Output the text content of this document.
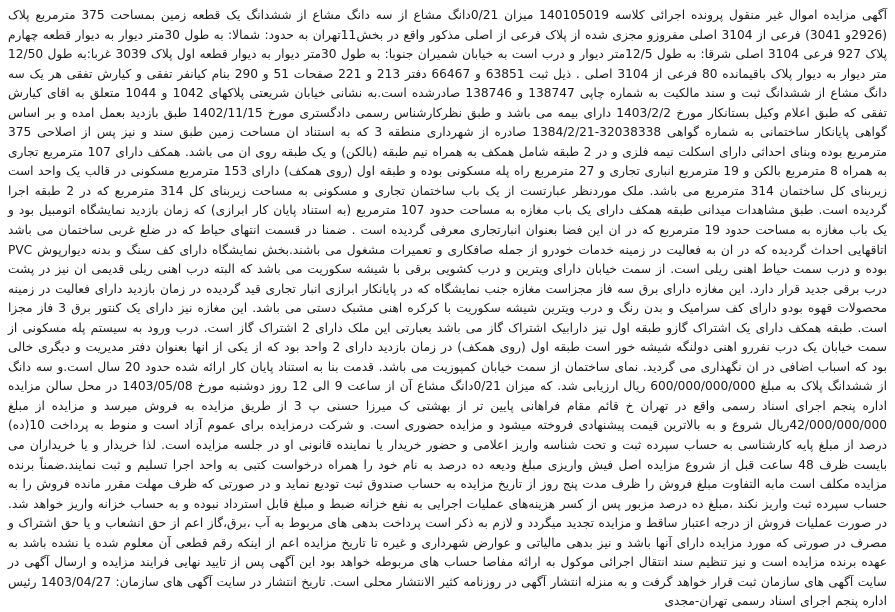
آگهی مزایده اموال غیر منقول پرونده اجرائی کلاسه 140105019 میزان 0/21دانگ مشاع از سه دانگ مشاع از ششدانگ یک قطعه زمین بمساحت 375 مترمربع پلاک (2926و 3041) فرعی از 3104 اصلی مفروزو مجزی شده از پلاک فرعی از اصلی مذکور واقع در بخش11تهران به حدود: شمالا: به طول 30متر دیوار به دیوار قطعه چهارم پلاک 927 فرعی 3104 اصلی شرقا: به طول 12/5متر دیوار و درب است به خیابان شمیران جنوبا: به طول 30متر دیوار به دیوار قطعه اول پلاک 3039 غربا:به طول 12/50 متر دیوار به دیوار پلاک باقیمانده 80 فرعی از 3104 اصلی . ذیل ثبت 63851 و 66467 دفتر 213 و 221 صفحات 51 و 290 بنام کیانفر تفقی و کیارش تفقی هر یک سه دانگ مشاع از ششدانگ ثبت و سند مالکیت به شماره چاپی 138747 و 138746 صادرشده است.به نشانی خیابان شریعتی پلاکهای 1042 و 1044 متعلق به اقای کیارش تفقی که طبق اعلام وکیل بستانکار مورخ 1403/2/2 دارای بیمه می باشد و طبق نظرکارشناس رسمی دادگستری مورخ 1402/11/15 طبق بازدید بعمل امده و بر اساس گواهی پایانکار ساختمانی به شماره گواهی 32038338-1384/2/21 صادره از شهرداری منطقه 3 که به استناد ان مساحت زمین طبق سند و نیز پس از اصلاحی 375 مترمربع بوده وبنای احداثی دارای اسکلت نیمه فلزی و در 2 طبقه شامل همکف به همراه نیم طبقه (بالکن) و یک طبقه روی ان می باشد. همکف دارای 107 مترمربع تجاری به همراه 8 مترمربع بالکن و 19 مترمربع انباری تجاری و 27 مترمربع راه پله مسکونی بوده و طبقه اول (روی همکف) دارای 153 مترمربع مسکونی در قالب یک واحد است زیربنای کل ساختمان 314 مترمربع می باشد. ملک موردنظر عبارتست از یک باب ساختمان تجاری و مسکونی به مساحت زیربنای کل 314 مترمربع که در 2 طبقه اجرا گردیده است. طبق مشاهدات میدانی طبقه همکف دارای یک باب مغازه به مساحت حدود 107 مترمربع (به استناد پایان کار ابرازی) که زمان بازدید نمایشگاه اتومبیل بود و یک باب مغازه به مساحت حدود 19 مترمربع که در ان این فضا بعنوان انبارتجاری معرفی گردیده است . ضمنا در قسمت انتهای حیاط که در ضلع غربی ساختمان می باشد اتاقهایی احداث گردیده که در ان به فعالیت در زمینه خدمات خودرو از جمله صافکاری و تعمیرات مشغول می باشند.بخش نمایشگاه دارای کف سنگ و بدنه دیوارپوش PVC بوده و درب سمت حیاط اهنی ریلی است. از سمت خیابان دارای ویترین و درب کشویی برقی با شیشه سکوریت می باشد که البته درب اهنی ریلی قدیمی ان نیز در پشت درب برقی جدید قرار دارد. این مغازه دارای برق سه فاز مجزاست مغازه جنب نمایشگاه که در پایانکار ابرازی انبار تجاری قید گردیده در زمان بازدید دارای فعالیت در زمینه محصولات قهوه بودو دارای کف سرامیک و بدن رنگ و درب ویترین شیشه سکوریت با کرکره اهنی مشبک دستی می باشد. این مغازه نیز دارای یک کنتور برق 3 فاز مجزا است. طبقه همکف دارای یک اشتراک گازو طبقه اول نیز دارابیک اشتراک گاز می باشد بعبارتی این ملک دارای 2 اشتراک گاز است. درب ورود به سیستم پله مسکونی از سمت خیابان یک درب نفررو اهنی دولنگه شیشه خور است طبقه اول (روی همکف) در زمان بازدید دارای 2 واحد بود که از یکی از انها بعنوان دفتر مدیریت و دیگری خالی بود که اسباب اضافی در ان نگهداری می گردید. نمای ساختمان از سمت خیابان کمپوزیت می باشد. قدمت بنا به استناد پایان کار ارائه شده حدود 20 سال است.و سه دانگ از ششدانگ پلاک به مبلغ 600/000/000/000 ریال ارزیابی شد. که میزان 0/21دانگ مشاع آن از ساعت 9 الی 12 روز دوشنبه مورخ 1403/05/08 در محل سالن مزایده اداره پنجم اجرای اسناد رسمی واقع در تهران خ قائم مقام فراهانی پایین تر از بهشتی ک میرزا حسنی پ 3 از طریق مزایده به فروش میرسد و مزایده از مبلغ 42/000/000/000ریال شروع و به بالاترین قیمت پیشنهادی فروخته میشود و مزایده حضوری است. و شرکت درمزایده برای عموم آزاد است و منوط به پرداخت 10(ده) درصد از مبلغ پایه کارشناسی به حساب سپرده ثبت و تحت شناسه واریز اعلامی و حضور خریدار یا نماینده قانونی او در جلسه مزایده است. لذا خریدار و یا خریداران می بایست ظرف 48 ساعت قبل از شروع مزایده اصل فیش واریزی مبلغ ودیعه ده درصد به نام خود را همراه درخواست کتبی به واحد اجرا تسلیم و ثبت نمایند.ضمناً برنده مزایده مکلف است مابه التفاوت مبلغ فروش را ظرف مدت پنج روز از تاریخ مزایده به حساب صندوق ثبت تودیع نماید و در صورتی که ظرف مهلت مقرر مانده فروش را به حساب سپرده ثبت واریز نکند ،مبلغ ده درصد مزبور پس از کسر هزینه‌های عملیات اجرایی به نفع خزانه ضبط و مبلغ قابل استرداد نبوده و به حساب خزانه واریز خواهد شد. در صورت عملیات فروش از درجه اعتبار ساقط و مزایده تجدید میگردد و لازم به ذکر است پرداخت بدهی های مربوط به آب ،برق،گاز اعم از حق انشعاب و یا حق اشتراک و مصرف در صورتی که مورد مزایده دارای آنها باشد و نیز بدهی مالیاتی و عوارض شهرداری و غیره تا تاریخ مزایده اعم از اینکه رقم قطعی آن معلوم شده یا نشده باشد به عهده برنده مزایده است و نیز تنظیم سند انتقال اجرائی موکول به ارائه مفاصا حساب های مربوطه خواهد بود این آگهی پس از تایید نهایی فرایند مزایده و ارسال آگهی در سایت آگهی های سازمان ثبت قرار خواهد گرفت و به منزله انتشار آگهی در روزنامه کثیر الانتشار محلی است. تاریخ انتشار در سایت آگهی های سازمان: 1403/04/27 رئیس اداره پنجم اجرای اسناد رسمی تهران-مجدی
